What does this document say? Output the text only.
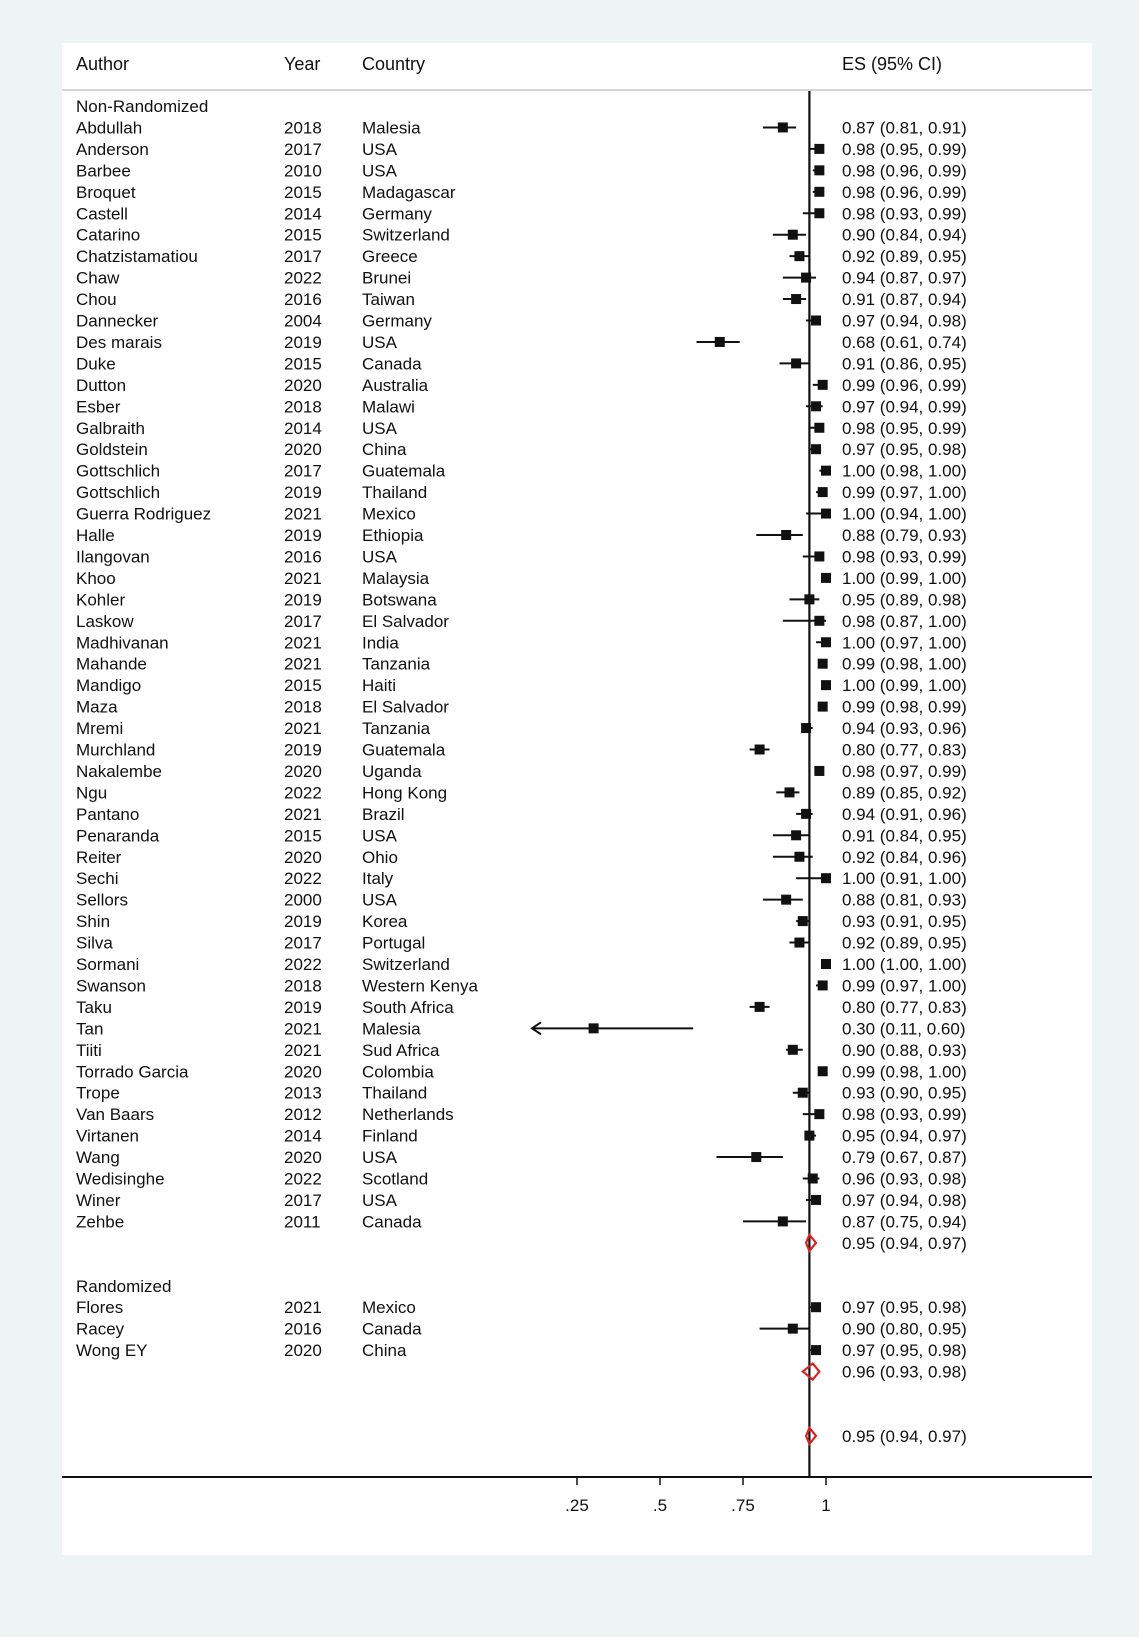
Author	Year Country	ES (95% CI)
Non-Randomized
Abdullah	2018 Malesia	0.87 (0.81, 0.91)
Anderson	2017 USA	0.98 (0.95, 0.99)
Barbee	2010 USA	0.98 (0.96, 0.99)
Broquet	2015 Madagascar	0.98 (0.96, 0.99)
Castell	2014 Germany	0.98 (0.93, 0.99)
Catarino	2015 Switzerland	0.90 (0.84, 0.94)
Chatzistamatiou	2017 Greece	0.92 (0.89, 0.95)
Chaw	2022 Brunei	0.94 (0.87, 0.97)
Chou	2016 Taiwan	0.91 (0.87, 0.94)
Dannecker	2004 Germany	0.97 (0.94, 0.98)
Des marais	2019 USA	0.68 (0.61, 0.74)
Duke	2015 Canada	0.91 (0.86, 0.95)
Dutton	2020 Australia	0.99 (0.96, 0.99)
Esber	2018 Malawi	0.97 (0.94, 0.99)
Galbraith	2014 USA	0.98 (0.95, 0.99)
Goldstein	2020 China	0.97 (0.95, 0.98)
Gottschlich	2017 Guatemala	1.00 (0.98, 1.00)
Gottschlich	2019 Thailand	0.99 (0.97, 1.00)
Guerra Rodriguez	2021 Mexico	1.00 (0.94, 1.00)
Halle	2019 Ethiopia	0.88 (0.79, 0.93)
Ilangovan	2016 USA	0.98 (0.93, 0.99)
Khoo	2021 Malaysia	1.00 (0.99, 1.00)
Kohler	2019 Botswana	0.95 (0.89, 0.98)
Laskow	2017 El Salvador	0.98 (0.87, 1.00)
Madhivanan	2021 India	1.00 (0.97, 1.00)
Mahande	2021 Tanzania	0.99 (0.98, 1.00)
Mandigo	2015 Haiti	1.00 (0.99, 1.00)
Maza	2018 El Salvador	0.99 (0.98, 0.99)
Mremi	2021 Tanzania	0.94 (0.93, 0.96)
Murchland	2019 Guatemala	0.80 (0.77, 0.83)
Nakalembe	2020 Uganda	0.98 (0.97, 0.99)
Ngu	2022 Hong Kong	0.89 (0.85, 0.92)
Pantano	2021 Brazil	0.94 (0.91, 0.96)
Penaranda	2015 USA	0.91 (0.84, 0.95)
Reiter	2020 Ohio	0.92 (0.84, 0.96)
Sechi	2022 Italy	1.00 (0.91, 1.00)
Sellors	2000 USA	0.88 (0.81, 0.93)
Shin	2019 Korea	0.93 (0.91, 0.95)
Silva	2017 Portugal	0.92 (0.89, 0.95)
Sormani	2022 Switzerland	1.00 (1.00, 1.00)
Swanson	2018 Western Kenya	0.99 (0.97, 1.00)
Taku	2019 South Africa	0.80 (0.77, 0.83)
Tan	2021 Malesia	0.30 (0.11, 0.60)
Tiiti	2021 Sud Africa	0.90 (0.88, 0.93)
Torrado Garcia	2020 Colombia	0.99 (0.98, 1.00)
Trope	2013 Thailand	0.93 (0.90, 0.95)
Van Baars	2012 Netherlands	0.98 (0.93, 0.99)
Virtanen	2014 Finland	0.95 (0.94, 0.97)
Wang	2020 USA	0.79 (0.67, 0.87)
Wedisinghe	2022 Scotland	0.96 (0.93, 0.98)
Winer	2017 USA	0.97 (0.94, 0.98)
Zehbe	2011 Canada	0.87 (0.75, 0.94)
0.95 (0.94, 0.97)
Randomized
Flores	2021 Mexico	0.97 (0.95, 0.98)
Racey	2016 Canada	0.90 (0.80, 0.95)
Wong EY	2020 China	0.97 (0.95, 0.98)
0.96 (0.93, 0.98)
0.95 (0.94, 0.97)
.25	.5	.75	1
